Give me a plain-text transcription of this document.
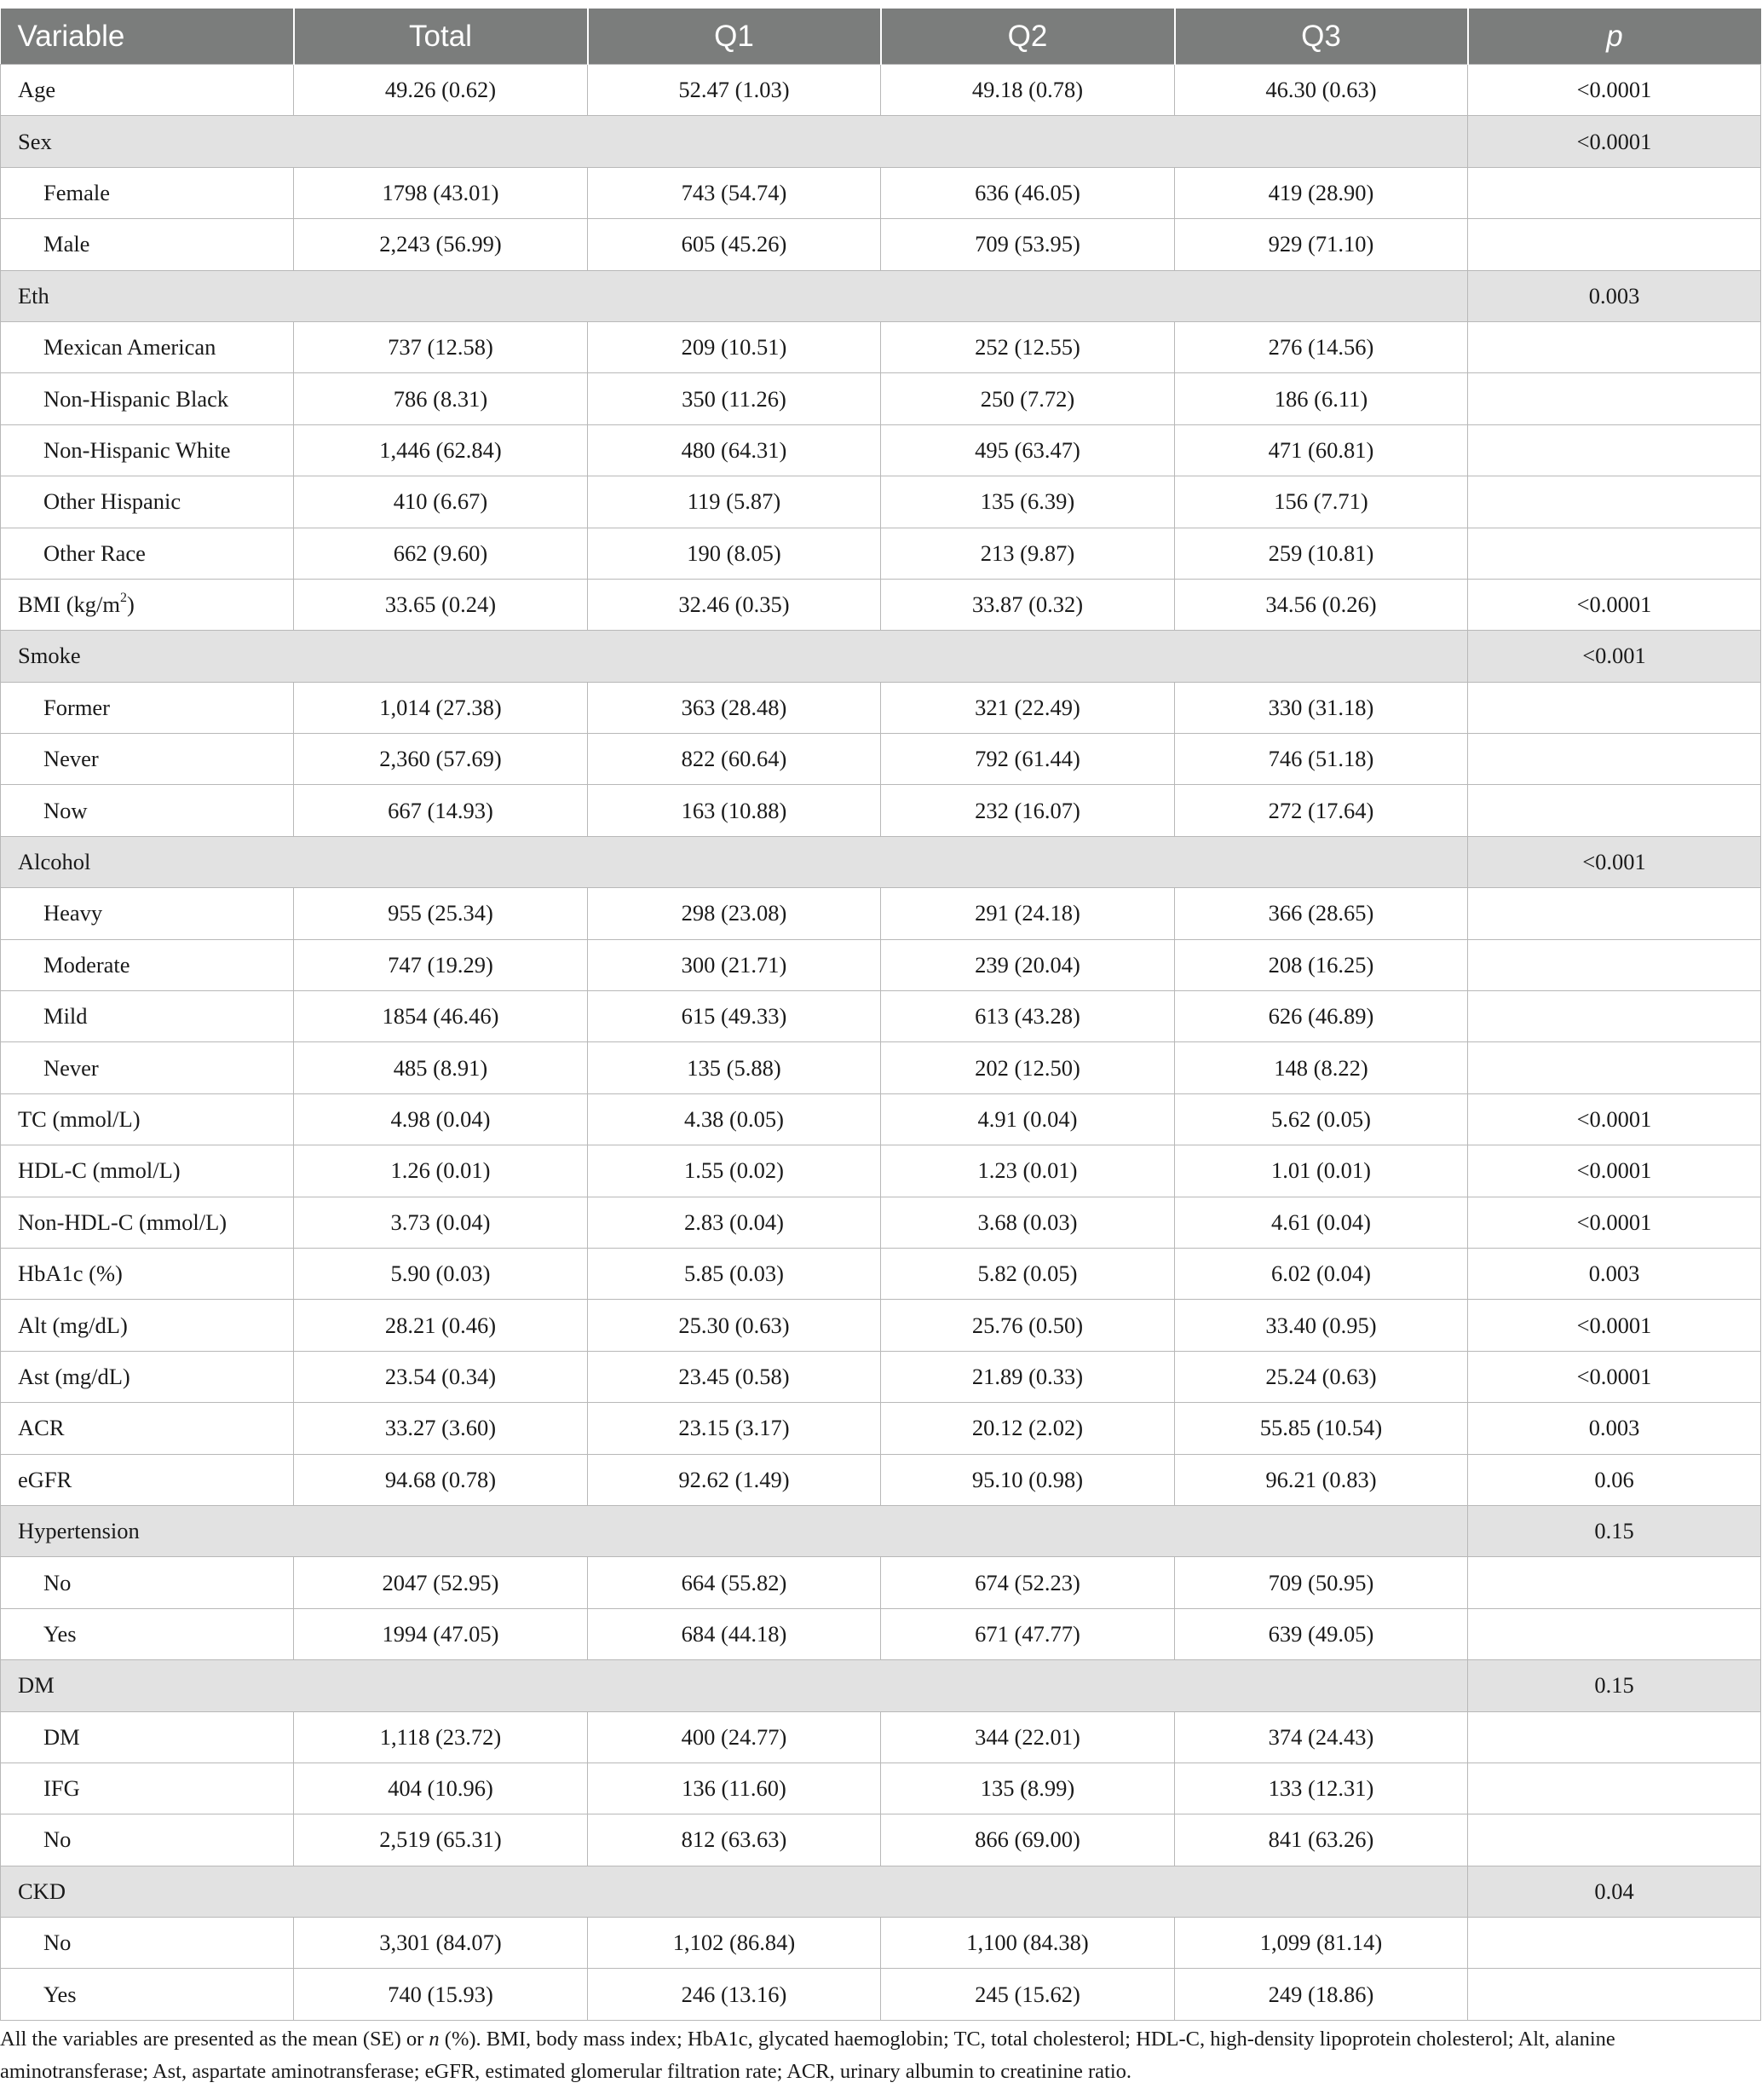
Variable	Total	Q1	Q2	Q3	p
Age	49.26 (0.62)	52.47 (1.03)	49.18 (0.78)	46.30 (0.63)	<0.0001
Sex					<0.0001
Female	1798 (43.01)	743 (54.74)	636 (46.05)	419 (28.90)	
Male	2,243 (56.99)	605 (45.26)	709 (53.95)	929 (71.10)	
Eth					0.003
Mexican American	737 (12.58)	209 (10.51)	252 (12.55)	276 (14.56)	
Non-Hispanic Black	786 (8.31)	350 (11.26)	250 (7.72)	186 (6.11)	
Non-Hispanic White	1,446 (62.84)	480 (64.31)	495 (63.47)	471 (60.81)	
Other Hispanic	410 (6.67)	119 (5.87)	135 (6.39)	156 (7.71)	
Other Race	662 (9.60)	190 (8.05)	213 (9.87)	259 (10.81)	
BMI $(kg/m^2)$	33.65 (0.24)	32.46 (0.35)	33.87 (0.32)	34.56 (0.26)	<0.0001
Smoke					<0.001
Former	1,014 (27.38)	363 (28.48)	321 (22.49)	330 (31.18)	
Never	2,360 (57.69)	822 (60.64)	792 (61.44)	746 (51.18)	
Now	667 (14.93)	163 (10.88)	232 (16.07)	272 (17.64)	
Alcohol					<0.001
Heavy	955 (25.34)	298 (23.08)	291 (24.18)	366 (28.65)	
Moderate	747 (19.29)	300 (21.71)	239 (20.04)	208 (16.25)	
Mild	1854 (46.46)	615 (49.33)	613 (43.28)	626 (46.89)	
Never	485 (8.91)	135 (5.88)	202 (12.50)	148 (8.22)	
TC (mmol/L)	4.98 (0.04)	4.38 (0.05)	4.91 (0.04)	5.62 (0.05)	<0.0001
HDL-C (mmol/L)	1.26 (0.01)	1.55 (0.02)	1.23 (0.01)	1.01 (0.01)	<0.0001
Non-HDL-C (mmol/L)	3.73 (0.04)	2.83 (0.04)	3.68 (0.03)	4.61 (0.04)	<0.0001
HbA1c (%)	5.90 (0.03)	5.85 (0.03)	5.82 (0.05)	6.02 (0.04)	0.003
Alt (mg/dL)	28.21 (0.46)	25.30 (0.63)	25.76 (0.50)	33.40 (0.95)	<0.0001
Ast (mg/dL)	23.54 (0.34)	23.45 (0.58)	21.89 (0.33)	25.24 (0.63)	<0.0001
ACR	33.27 (3.60)	23.15 (3.17)	20.12 (2.02)	55.85 (10.54)	0.003
eGFR	94.68 (0.78)	92.62 (1.49)	95.10 (0.98)	96.21 (0.83)	0.06
Hypertension					0.15
No	2047 (52.95)	664 (55.82)	674 (52.23)	709 (50.95)	
Yes	1994 (47.05)	684 (44.18)	671 (47.77)	639 (49.05)	
DM					0.15
DM	1,118 (23.72)	400 (24.77)	344 (22.01)	374 (24.43)	
IFG	404 (10.96)	136 (11.60)	135 (8.99)	133 (12.31)	
No	2,519 (65.31)	812 (63.63)	866 (69.00)	841 (63.26)	
CKD					0.04
No	3,301 (84.07)	1,102 (86.84)	1,100 (84.38)	1,099 (81.14)	
Yes	740 (15.93)	246 (13.16)	245 (15.62)	249 (18.86)	
All the variables are presented as the mean (SE) or n (%). BMI, body mass index; HbA1c, glycated haemoglobin; TC, total cholesterol; HDL-C, high-density lipoprotein cholesterol; Alt, alanine aminotransferase; Ast, aspartate aminotransferase; eGFR, estimated glomerular filtration rate; ACR, urinary albumin to creatinine ratio.
